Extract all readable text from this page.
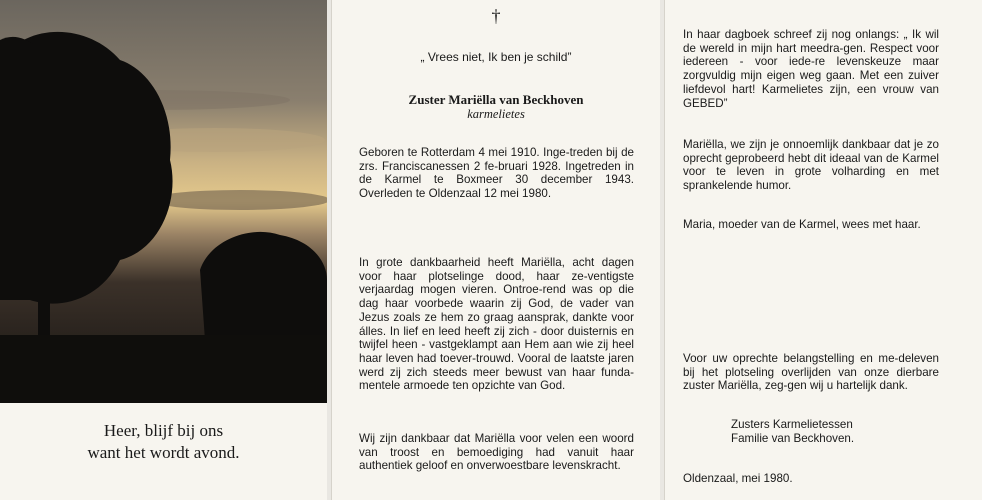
Heer, blijf bij ons
want het wordt avond.
†
„ Vrees niet, Ik ben je schild”
Zuster Mariëlla van Beckhoven
karmelietes
Geboren te Rotterdam 4 mei 1910. Inge-treden bij de zrs. Franciscanessen 2 fe-bruari 1928. Ingetreden in de Karmel te Boxmeer 30 december 1943. Overleden te Oldenzaal 12 mei 1980.
In grote dankbaarheid heeft Mariëlla, acht dagen voor haar plotselinge dood, haar ze-ventigste verjaardag mogen vieren. Ontroe-rend was op die dag haar voorbede waarin zij God, de vader van Jezus zoals ze hem zo graag aansprak, dankte voor álles. In lief en leed heeft zij zich - door duisternis en twijfel heen - vastgeklampt aan Hem aan wie zij heel haar leven had toever-trouwd. Vooral de laatste jaren werd zij zich steeds meer bewust van haar funda-mentele armoede ten opzichte van God.
Wij zijn dankbaar dat Mariëlla voor velen een woord van troost en bemoediging had vanuit haar authentiek geloof en onverwoestbare levenskracht.
In haar dagboek schreef zij nog onlangs: „ Ik wil de wereld in mijn hart meedra-gen. Respect voor iedereen - voor iede-re levenskeuze maar zorgvuldig mijn eigen weg gaan. Met een zuiver liefdevol hart! Karmelietes zijn, een vrouw van GEBED”
Mariëlla, we zijn je onnoemlijk dankbaar dat je zo oprecht geprobeerd hebt dit ideaal van de Karmel voor te leven in grote volharding en met sprankelende humor.
Maria, moeder van de Karmel, wees met haar.
Voor uw oprechte belangstelling en me-deleven bij het plotseling overlijden van onze dierbare zuster Mariëlla, zeg-gen wij u hartelijk dank.
Zusters Karmelietessen
Familie van Beckhoven.
Oldenzaal, mei 1980.
